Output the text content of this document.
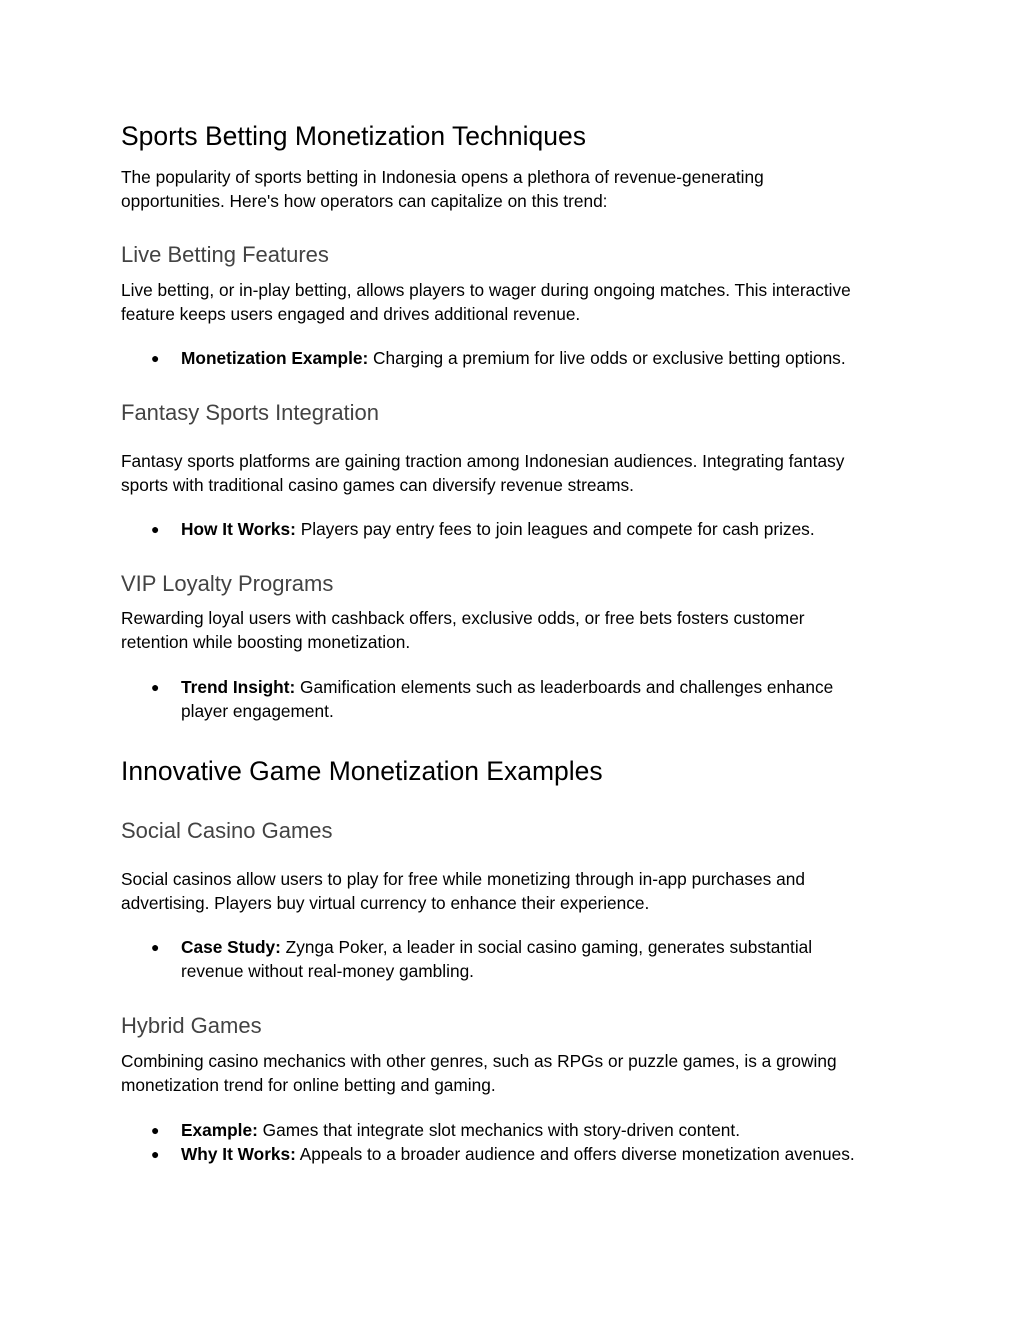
Sports Betting Monetization Techniques

The popularity of sports betting in Indonesia opens a plethora of revenue-generating

opportunities. Here's how operators can capitalize on this trend:

Live Betting Features

Live betting, or in-play betting, allows players to wager during ongoing matches. This interactive

feature keeps users engaged and drives additional revenue.

● Monetization Example: Charging a premium for live odds or exclusive betting options.
Fantasy Sports Integration

Fantasy sports platforms are gaining traction among Indonesian audiences. Integrating fantasy

sports with traditional casino games can diversify revenue streams.

● How It Works: Players pay entry fees to join leagues and compete for cash prizes.
VIP Loyalty Programs

Rewarding loyal users with cashback offers, exclusive odds, or free bets fosters customer

retention while boosting monetization.

● Trend Insight: Gamification elements such as leaderboards and challenges enhance
player engagement.
Innovative Game Monetization Examples
Social Casino Games

Social casinos allow users to play for free while monetizing through in-app purchases and

advertising. Players buy virtual currency to enhance their experience.

● Case Study: Zynga Poker, a leader in social casino gaming, generates substantial
revenue without real-money gambling.
Hybrid Games

Combining casino mechanics with other genres, such as RPGs or puzzle games, is a growing

monetization trend for online betting and gaming.

● Example: Games that integrate slot mechanics with story-driven content.
● Why It Works: Appeals to a broader audience and offers diverse monetization avenues.
